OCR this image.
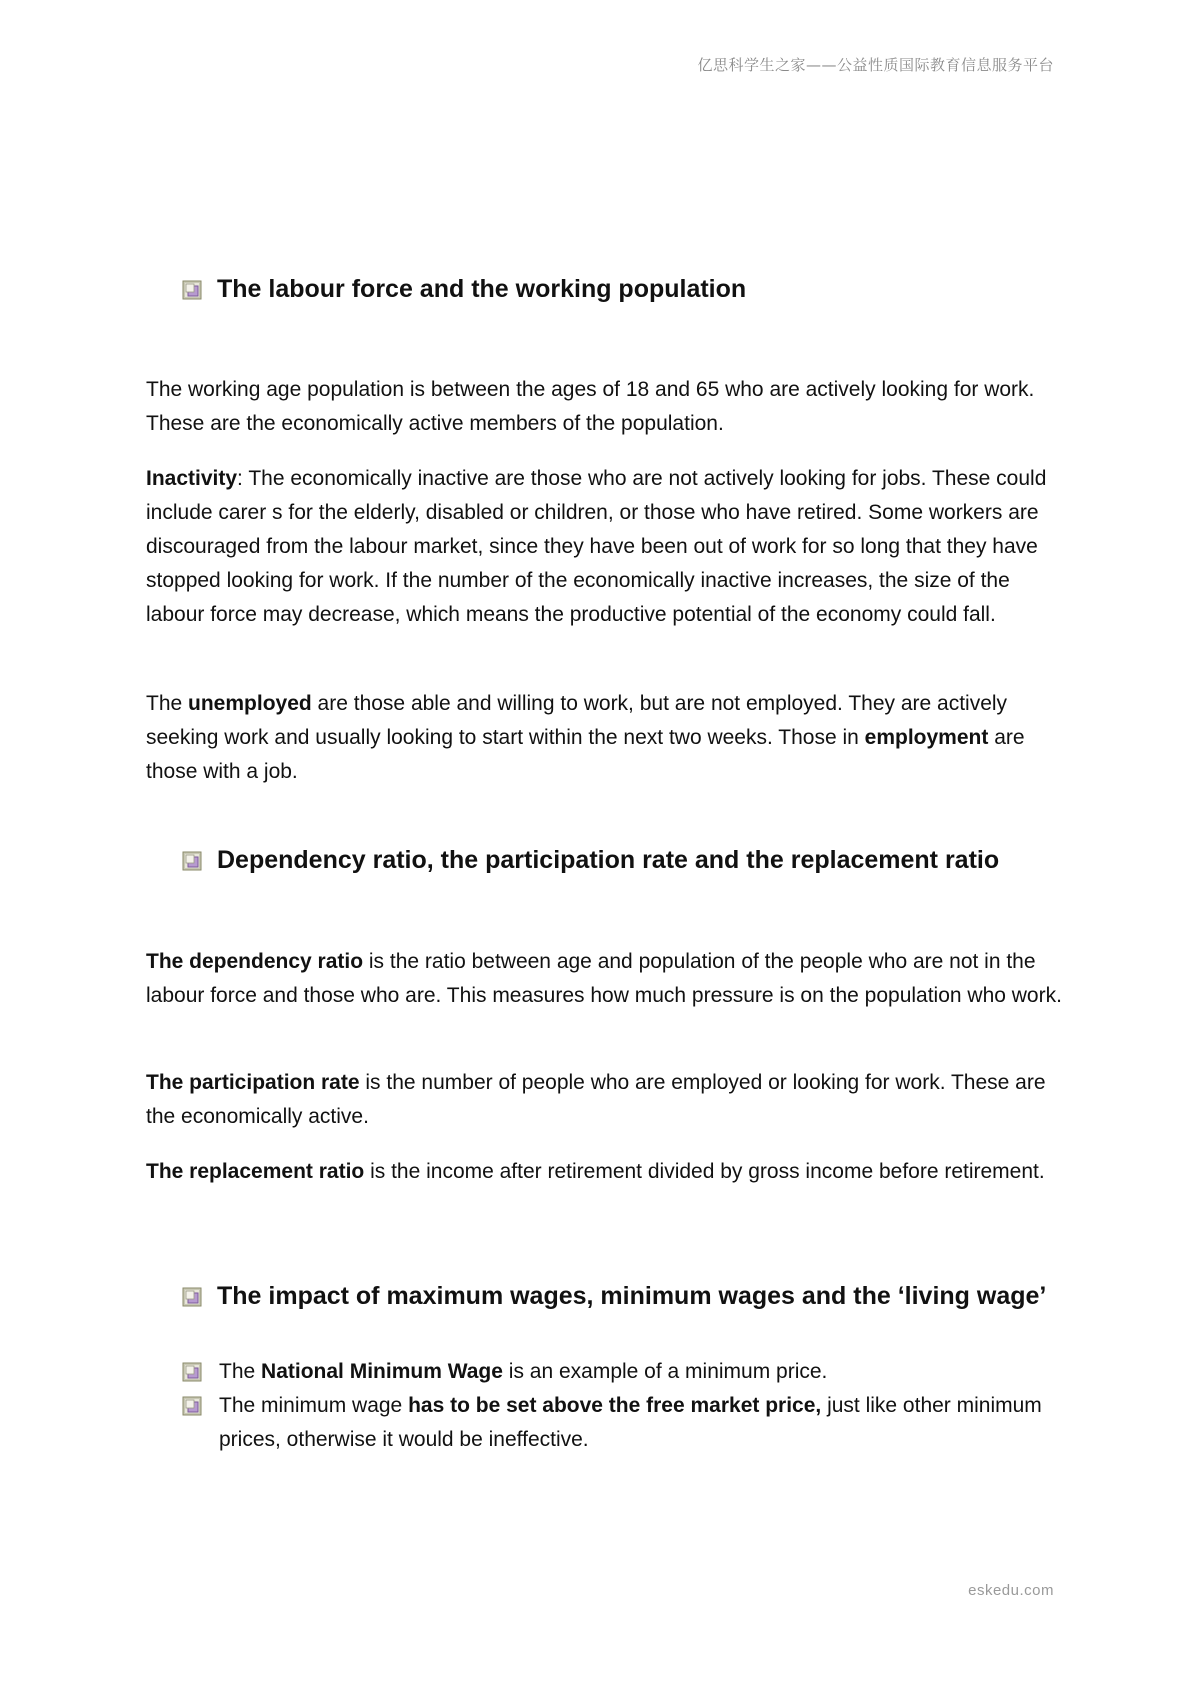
亿思科学生之家——公益性质国际教育信息服务平台
The labour force and the working population

The working age population is between the ages of 18 and 65 who are actively looking for work. These are the economically active members of the population.

Inactivity: The economically inactive are those who are not actively looking for jobs. These could include carer s for the elderly, disabled or children, or those who have retired. Some workers are discouraged from the labour market, since they have been out of work for so long that they have stopped looking for work. If the number of the economically inactive increases, the size of the labour force may decrease, which means the productive potential of the economy could fall.

The unemployed are those able and willing to work, but are not employed. They are actively seeking work and usually looking to start within the next two weeks. Those in employment are those with a job.

Dependency ratio, the participation rate and the replacement ratio

The dependency ratio is the ratio between age and population of the people who are not in the labour force and those who are. This measures how much pressure is on the population who work.

The participation rate is the number of people who are employed or looking for work. These are the economically active.

The replacement ratio is the income after retirement divided by gross income before retirement.

The impact of maximum wages, minimum wages and the ‘living wage’
The National Minimum Wage is an example of a minimum price.
The minimum wage has to be set above the free market price, just like other minimum prices, otherwise it would be ineffective.
eskedu.com
